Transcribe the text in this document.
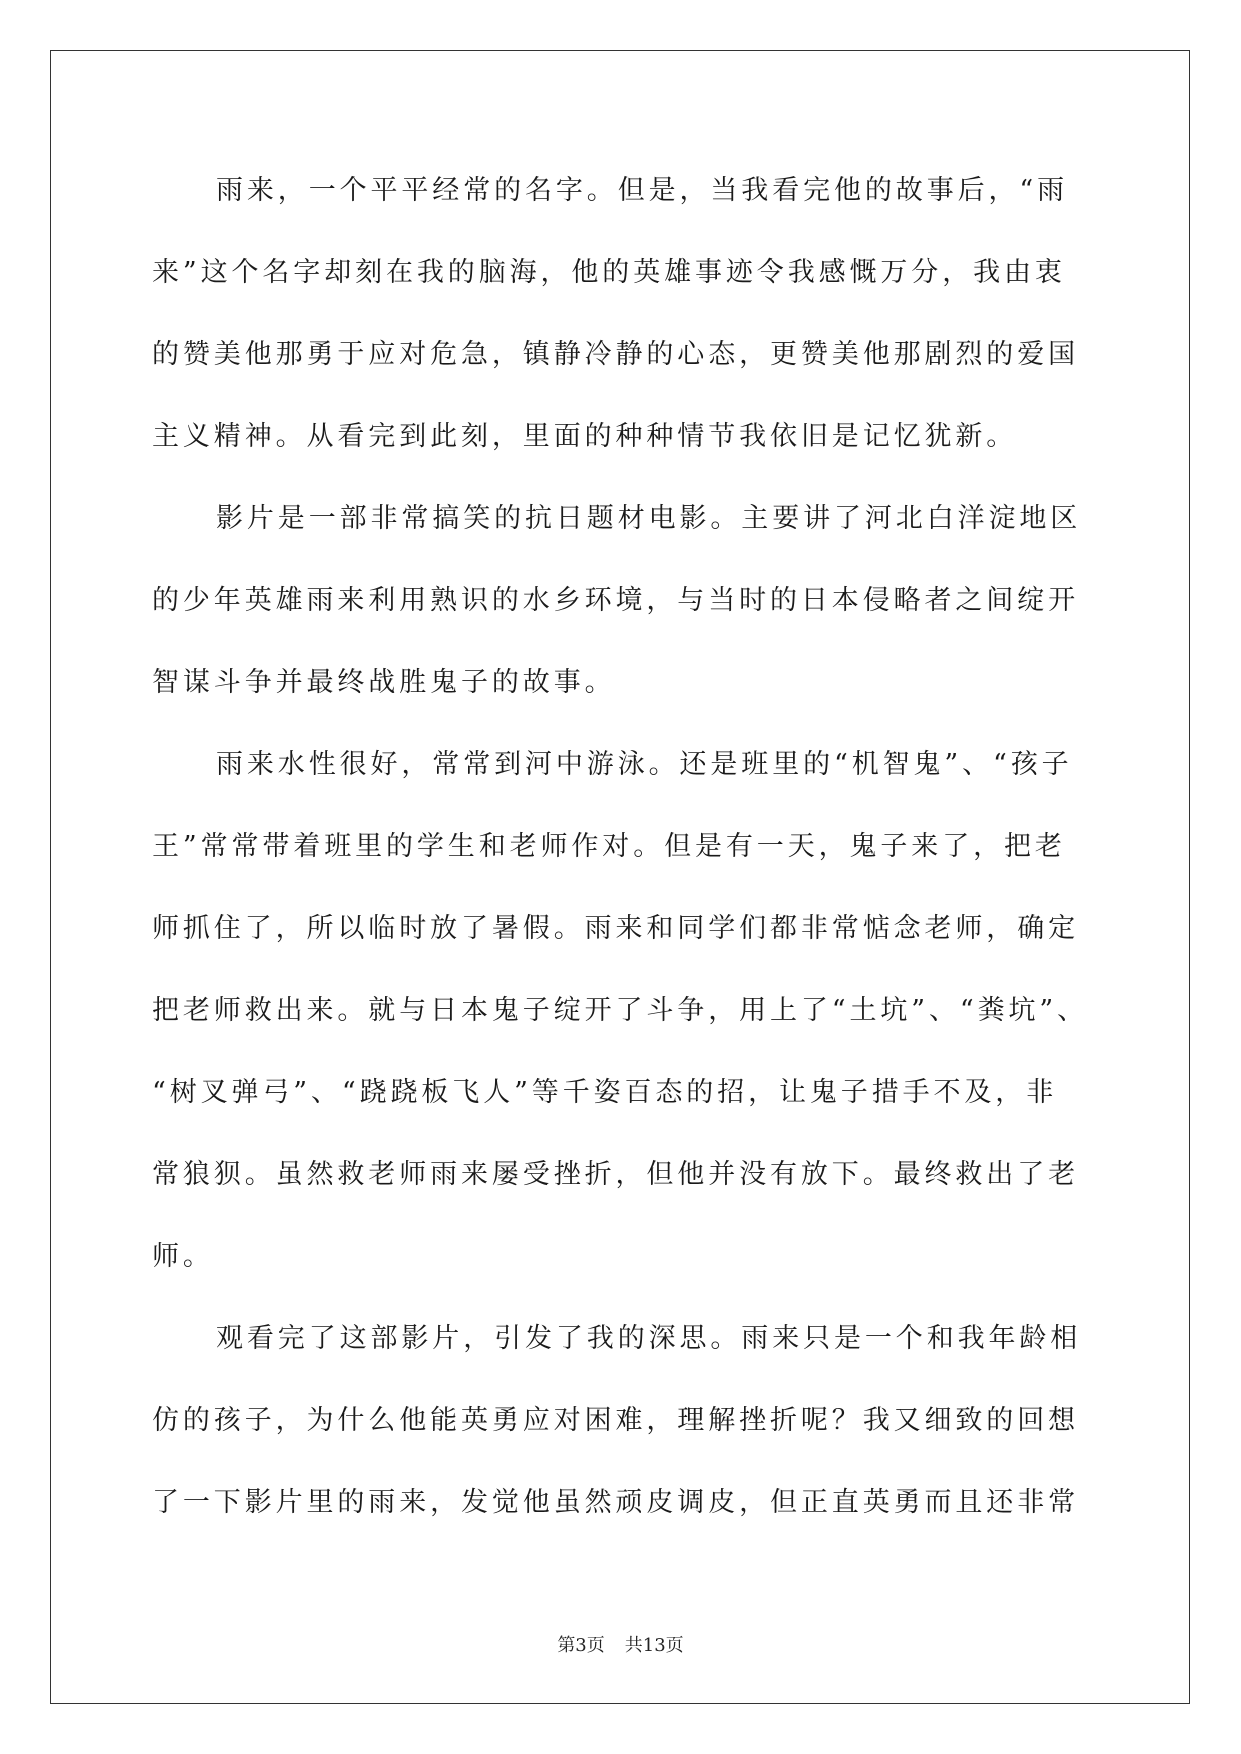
雨来，一个平平经常的名字。但是，当我看完他的故事后，“雨
来”这个名字却刻在我的脑海，他的英雄事迹令我感慨万分，我由衷
的赞美他那勇于应对危急，镇静冷静的心态，更赞美他那剧烈的爱国
主义精神。从看完到此刻，里面的种种情节我依旧是记忆犹新。
影片是一部非常搞笑的抗日题材电影。主要讲了河北白洋淀地区
的少年英雄雨来利用熟识的水乡环境，与当时的日本侵略者之间绽开
智谋斗争并最终战胜鬼子的故事。
雨来水性很好，常常到河中游泳。还是班里的“机智鬼”、“孩子
王”常常带着班里的学生和老师作对。但是有一天，鬼子来了，把老
师抓住了，所以临时放了暑假。雨来和同学们都非常惦念老师，确定
把老师救出来。就与日本鬼子绽开了斗争，用上了“土坑”、“粪坑”、
“树叉弹弓”、“跷跷板飞人”等千姿百态的招，让鬼子措手不及，非
常狼狈。虽然救老师雨来屡受挫折，但他并没有放下。最终救出了老
师。
观看完了这部影片，引发了我的深思。雨来只是一个和我年龄相
仿的孩子，为什么他能英勇应对困难，理解挫折呢？我又细致的回想
了一下影片里的雨来，发觉他虽然顽皮调皮，但正直英勇而且还非常
第3页 共13页
